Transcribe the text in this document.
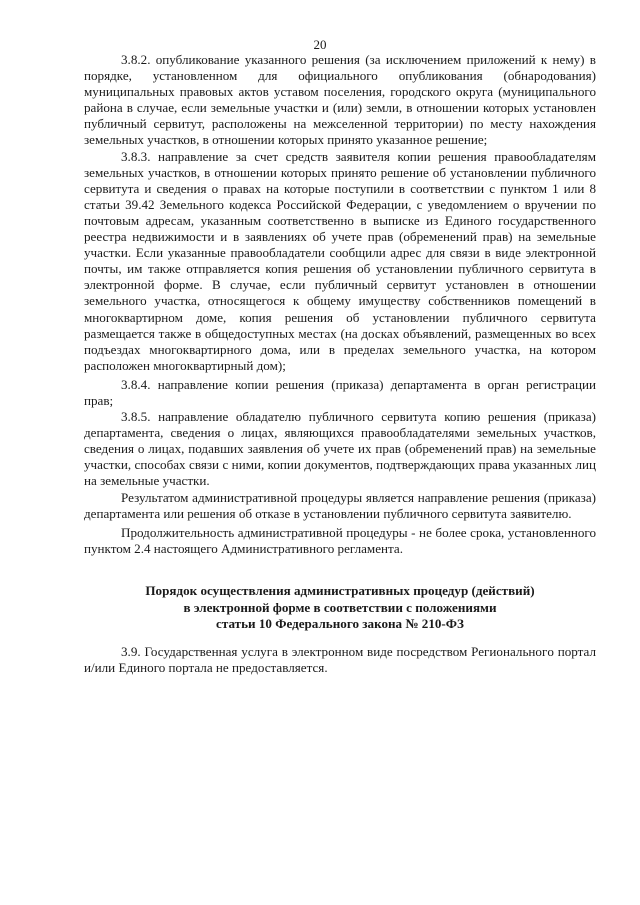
20

3.8.2. опубликование указанного решения (за исключением приложений к нему) в порядке, установленном для официального опубликования (обнародования) муниципальных правовых актов уставом поселения, городского округа (муниципального района в случае, если земельные участки и (или) земли, в отношении которых установлен публичный сервитут, расположены на межселенной территории) по месту нахождения земельных участков, в отношении которых принято указанное решение;

3.8.3. направление за счет средств заявителя копии решения правообладателям земельных участков, в отношении которых принято решение об установлении публичного сервитута и сведения о правах на которые поступили в соответствии с пунктом 1 или 8 статьи 39.42 Земельного кодекса Российской Федерации, с уведомлением о вручении по почтовым адресам, указанным соответственно в выписке из Единого государственного реестра недвижимости и в заявлениях об учете прав (обременений прав) на земельные участки. Если указанные правообладатели сообщили адрес для связи в виде электронной почты, им также отправляется копия решения об установлении публичного сервитута в электронной форме. В случае, если публичный сервитут установлен в отношении земельного участка, относящегося к общему имуществу собственников помещений в многоквартирном доме, копия решения об установлении публичного сервитута размещается также в общедоступных местах (на досках объявлений, размещенных во всех подъездах многоквартирного дома, или в пределах земельного участка, на котором расположен многоквартирный дом);

3.8.4. направление копии решения (приказа) департамента в орган регистрации прав;

3.8.5. направление обладателю публичного сервитута копию решения (приказа) департамента, сведения о лицах, являющихся правообладателями земельных участков, сведения о лицах, подавших заявления об учете их прав (обременений прав) на земельные участки, способах связи с ними, копии документов, подтверждающих права указанных лиц на земельные участки.

Результатом административной процедуры является направление решения (приказа) департамента или решения об отказе в установлении публичного сервитута заявителю.

Продолжительность административной процедуры - не более срока, установленного пунктом 2.4 настоящего Административного регламента.

Порядок осуществления административных процедур (действий)
в электронной форме в соответствии с положениями
статьи 10 Федерального закона № 210-ФЗ

3.9. Государственная услуга в электронном виде посредством Региональногo портал и/или Единого портала не предоставляется.
